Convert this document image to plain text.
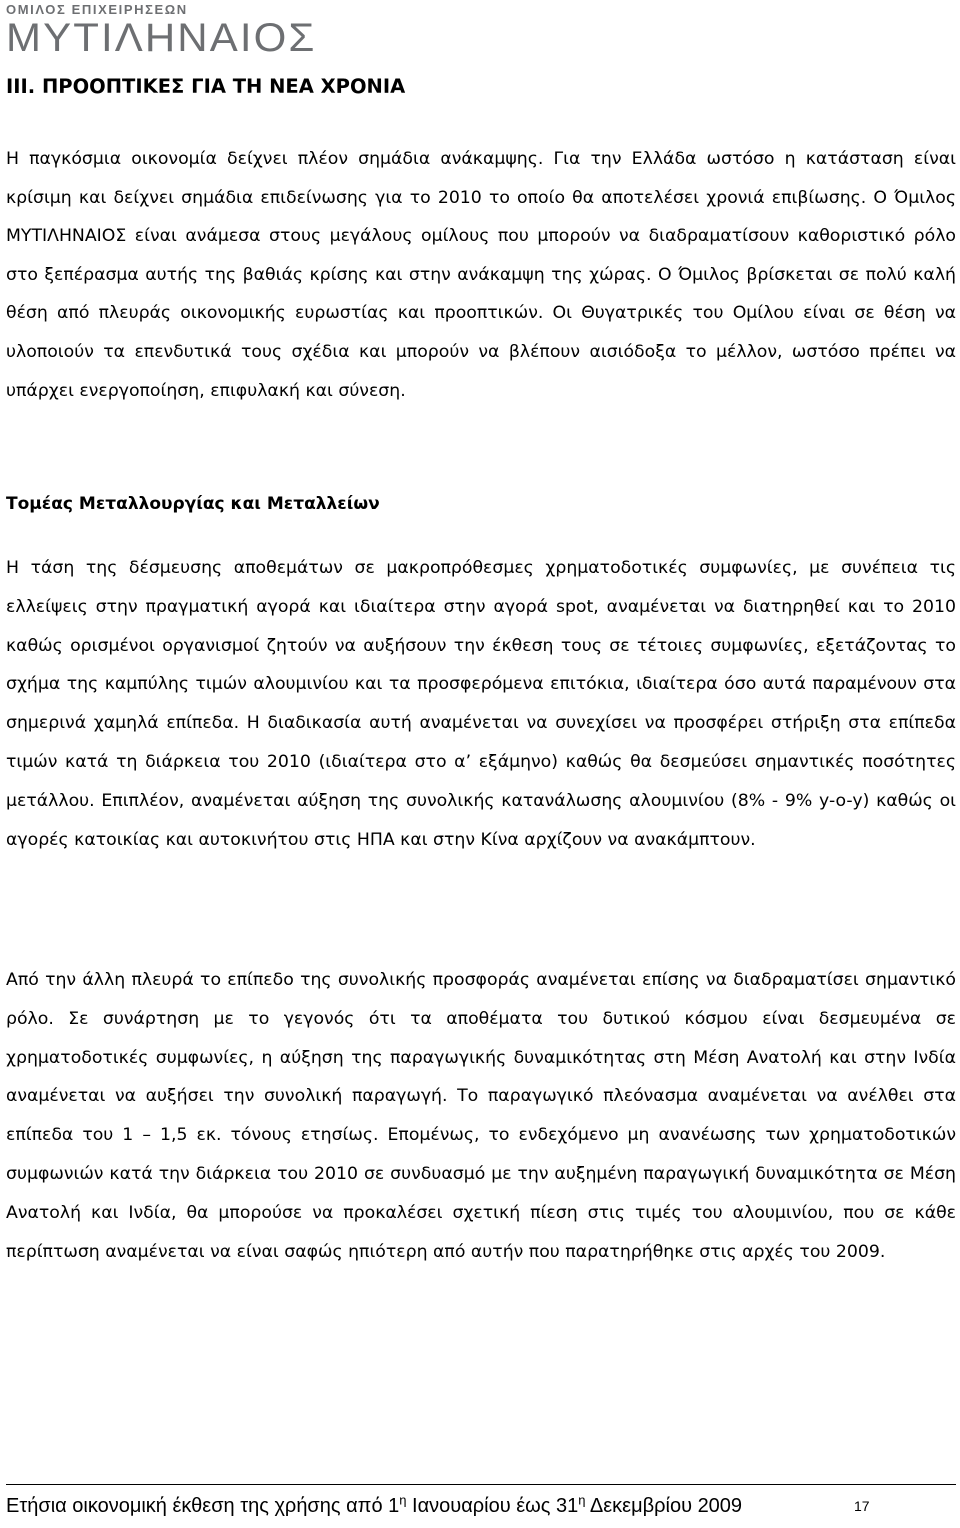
ΟΜΙΛΟΣ ΕΠΙΧΕΙΡΗΣΕΩΝ
ΜΥΤΙΛΗΝΑΙΟΣ
III. ΠΡΟΟΠΤΙΚΕΣ ΓΙΑ ΤΗ ΝΕΑ ΧΡΟΝΙΑ

Η παγκόσμια οικονομία δείχνει πλέον σημάδια ανάκαμψης. Για την Ελλάδα ωστόσο η κατάσταση είναι κρίσιμη και δείχνει σημάδια επιδείνωσης για το 2010 το οποίο θα αποτελέσει χρονιά επιβίωσης. Ο Όμιλος ΜΥΤΙΛΗΝΑΙΟΣ είναι ανάμεσα στους μεγάλους ομίλους που μπορούν να διαδραματίσουν καθοριστικό ρόλο στο ξεπέρασμα αυτής της βαθιάς κρίσης και στην ανάκαμψη της χώρας. Ο Όμιλος βρίσκεται σε πολύ καλή θέση από πλευράς οικονομικής ευρωστίας και προοπτικών. Οι Θυγατρικές του Ομίλου είναι σε θέση να υλοποιούν τα επενδυτικά τους σχέδια και μπορούν να βλέπουν αισιόδοξα το μέλλον, ωστόσο πρέπει να υπάρχει ενεργοποίηση, επιφυλακή και σύνεση.

Τομέας Μεταλλουργίας και Μεταλλείων

Η τάση της δέσμευσης αποθεμάτων σε μακροπρόθεσμες χρηματοδοτικές συμφωνίες, με συνέπεια τις ελλείψεις στην πραγματική αγορά και ιδιαίτερα στην αγορά spot, αναμένεται να διατηρηθεί και το 2010 καθώς ορισμένοι οργανισμοί ζητούν να αυξήσουν την έκθεση τους σε τέτοιες συμφωνίες, εξετάζοντας το σχήμα της καμπύλης τιμών αλουμινίου και τα προσφερόμενα επιτόκια, ιδιαίτερα όσο αυτά παραμένουν στα σημερινά χαμηλά επίπεδα. Η διαδικασία αυτή αναμένεται να συνεχίσει να προσφέρει στήριξη στα επίπεδα τιμών κατά τη διάρκεια του 2010 (ιδιαίτερα στο α’ εξάμηνο) καθώς θα δεσμεύσει σημαντικές ποσότητες μετάλλου. Επιπλέον, αναμένεται αύξηση της συνολικής κατανάλωσης αλουμινίου (8% - 9% y-o-y) καθώς οι αγορές κατοικίας και αυτοκινήτου στις ΗΠΑ και στην Κίνα αρχίζουν να ανακάμπτουν.

Από την άλλη πλευρά το επίπεδο της συνολικής προσφοράς αναμένεται επίσης να διαδραματίσει σημαντικό ρόλο. Σε συνάρτηση με το γεγονός ότι τα αποθέματα του δυτικού κόσμου είναι δεσμευμένα σε χρηματοδοτικές συμφωνίες, η αύξηση της παραγωγικής δυναμικότητας στη Μέση Ανατολή και στην Ινδία αναμένεται να αυξήσει την συνολική παραγωγή. Το παραγωγικό πλεόνασμα αναμένεται να ανέλθει στα επίπεδα του 1 – 1,5 εκ. τόνους ετησίως. Επομένως, το ενδεχόμενο μη ανανέωσης των χρηματοδοτικών συμφωνιών κατά την διάρκεια του 2010 σε συνδυασμό με την αυξημένη παραγωγική δυναμικότητα σε Μέση Ανατολή και Ινδία, θα μπορούσε να προκαλέσει σχετική πίεση στις τιμές του αλουμινίου, που σε κάθε περίπτωση αναμένεται να είναι σαφώς ηπιότερη από αυτήν που παρατηρήθηκε στις αρχές του 2009.

Ετήσια οικονομική έκθεση της χρήσης από $1^\eta$ Ιανουαρίου έως $31^\eta$ Δεκεμβρίου 2009	17
